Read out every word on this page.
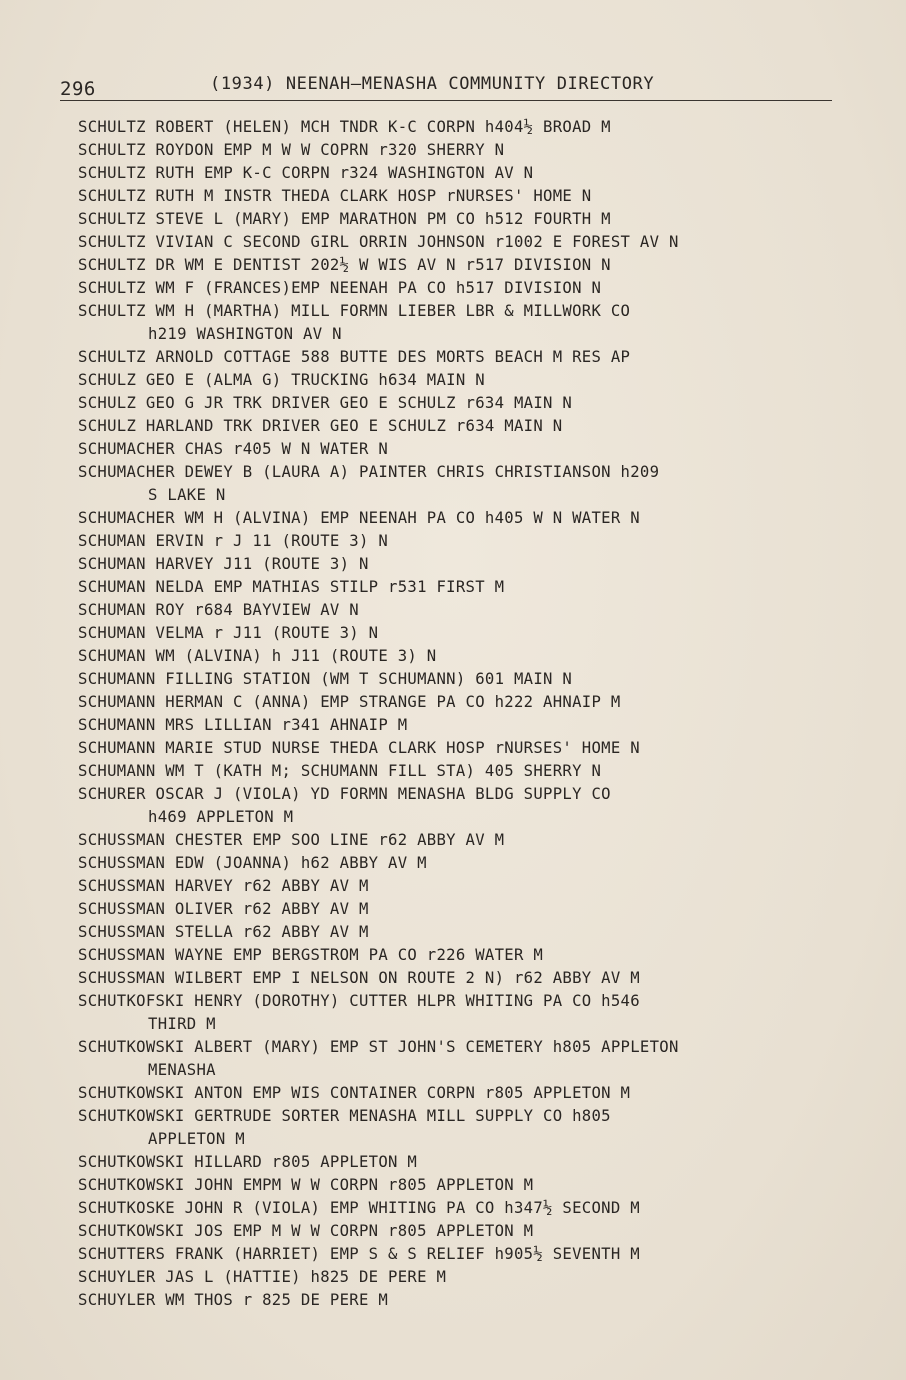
296	(1934) NEENAH—MENASHA COMMUNITY DIRECTORY
SCHULTZ ROBERT (HELEN) MCH TNDR K-C CORPN h404½ BROAD M
SCHULTZ ROYDON EMP M W W COPRN r320 SHERRY N
SCHULTZ RUTH EMP K-C CORPN r324 WASHINGTON AV N
SCHULTZ RUTH M INSTR THEDA CLARK HOSP rNURSES' HOME N
SCHULTZ STEVE L (MARY) EMP MARATHON PM CO h512 FOURTH M
SCHULTZ VIVIAN C SECOND GIRL ORRIN JOHNSON r1002 E FOREST AV N
SCHULTZ DR WM E DENTIST 202½ W WIS AV N r517 DIVISION N
SCHULTZ WM F (FRANCES)EMP NEENAH PA CO h517 DIVISION N
SCHULTZ WM H (MARTHA) MILL FORMN LIEBER LBR & MILLWORK CO
h219 WASHINGTON AV N
SCHULTZ ARNOLD COTTAGE 588 BUTTE DES MORTS BEACH M RES AP
SCHULZ GEO E (ALMA G) TRUCKING h634 MAIN N
SCHULZ GEO G JR TRK DRIVER GEO E SCHULZ r634 MAIN N
SCHULZ HARLAND TRK DRIVER GEO E SCHULZ r634 MAIN N
SCHUMACHER CHAS r405 W N WATER N
SCHUMACHER DEWEY B (LAURA A) PAINTER CHRIS CHRISTIANSON h209
S LAKE N
SCHUMACHER WM H (ALVINA) EMP NEENAH PA CO h405 W N WATER N
SCHUMAN ERVIN r J 11 (ROUTE 3) N
SCHUMAN HARVEY J11 (ROUTE 3) N
SCHUMAN NELDA EMP MATHIAS STILP r531 FIRST M
SCHUMAN ROY r684 BAYVIEW AV N
SCHUMAN VELMA r J11 (ROUTE 3) N
SCHUMAN WM (ALVINA) h J11 (ROUTE 3) N
SCHUMANN FILLING STATION (WM T SCHUMANN) 601 MAIN N
SCHUMANN HERMAN C (ANNA) EMP STRANGE PA CO h222 AHNAIP M
SCHUMANN MRS LILLIAN r341 AHNAIP M
SCHUMANN MARIE STUD NURSE THEDA CLARK HOSP rNURSES' HOME N
SCHUMANN WM T (KATH M; SCHUMANN FILL STA) 405 SHERRY N
SCHURER OSCAR J (VIOLA) YD FORMN MENASHA BLDG SUPPLY CO
h469 APPLETON M
SCHUSSMAN CHESTER EMP SOO LINE r62 ABBY AV M
SCHUSSMAN EDW (JOANNA) h62 ABBY AV M
SCHUSSMAN HARVEY r62 ABBY AV M
SCHUSSMAN OLIVER r62 ABBY AV M
SCHUSSMAN STELLA r62 ABBY AV M
SCHUSSMAN WAYNE EMP BERGSTROM PA CO r226 WATER M
SCHUSSMAN WILBERT EMP I NELSON ON ROUTE 2 N) r62 ABBY AV M
SCHUTKOFSKI HENRY (DOROTHY) CUTTER HLPR WHITING PA CO h546
THIRD M
SCHUTKOWSKI ALBERT (MARY) EMP ST JOHN'S CEMETERY h805 APPLETON
MENASHA
SCHUTKOWSKI ANTON EMP WIS CONTAINER CORPN r805 APPLETON M
SCHUTKOWSKI GERTRUDE SORTER MENASHA MILL SUPPLY CO h805
APPLETON M
SCHUTKOWSKI HILLARD r805 APPLETON M
SCHUTKOWSKI JOHN EMPM W W CORPN r805 APPLETON M
SCHUTKOSKE JOHN R (VIOLA) EMP WHITING PA CO h347½ SECOND M
SCHUTKOWSKI JOS EMP M W W CORPN r805 APPLETON M
SCHUTTERS FRANK (HARRIET) EMP S & S RELIEF h905½ SEVENTH M
SCHUYLER JAS L (HATTIE) h825 DE PERE M
SCHUYLER WM THOS r 825 DE PERE M
